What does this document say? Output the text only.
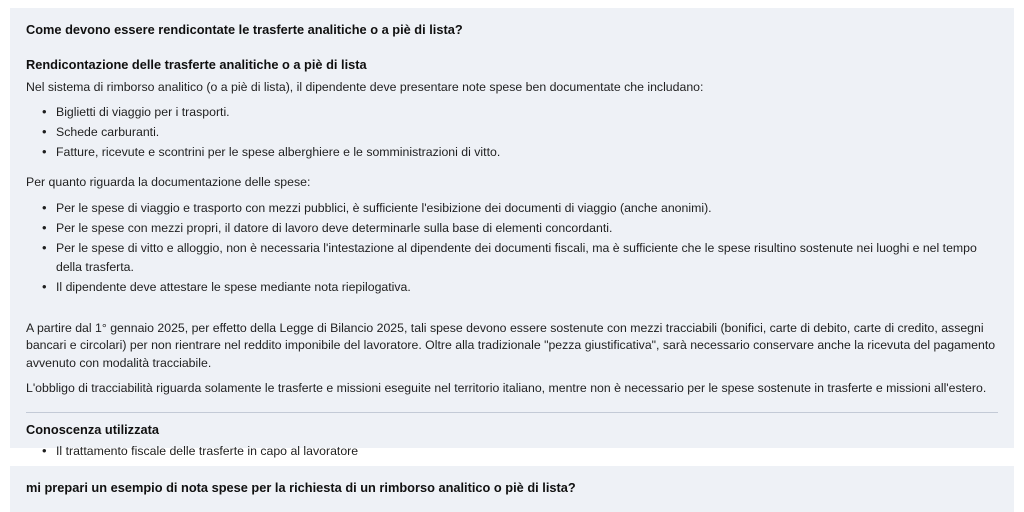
Come devono essere rendicontate le trasferte analitiche o a piè di lista?
Rendicontazione delle trasferte analitiche o a piè di lista

Nel sistema di rimborso analitico (o a piè di lista), il dipendente deve presentare note spese ben documentate che includano:

• Biglietti di viaggio per i trasporti.
• Schede carburanti.
• Fatture, ricevute e scontrini per le spese alberghiere e le somministrazioni di vitto.

Per quanto riguarda la documentazione delle spese:

• Per le spese di viaggio e trasporto con mezzi pubblici, è sufficiente l'esibizione dei documenti di viaggio (anche anonimi).
• Per le spese con mezzi propri, il datore di lavoro deve determinarle sulla base di elementi concordanti.
• Per le spese di vitto e alloggio, non è necessaria l'intestazione al dipendente dei documenti fiscali, ma è sufficiente che le spese risultino sostenute nei luoghi e nel tempo della trasferta.
• Il dipendente deve attestare le spese mediante nota riepilogativa.

A partire dal 1° gennaio 2025, per effetto della Legge di Bilancio 2025, tali spese devono essere sostenute con mezzi tracciabili (bonifici, carte di debito, carte di credito, assegni bancari e circolari) per non rientrare nel reddito imponibile del lavoratore. Oltre alla tradizionale "pezza giustificativa", sarà necessario conservare anche la ricevuta del pagamento avvenuto con modalità tracciabile.

L'obbligo di tracciabilità riguarda solamente le trasferte e missioni eseguite nel territorio italiano, mentre non è necessario per le spese sostenute in trasferte e missioni all'estero.

Conoscenza utilizzata
• Il trattamento fiscale delle trasferte in capo al lavoratore
mi prepari un esempio di nota spese per la richiesta di un rimborso analitico o piè di lista?
